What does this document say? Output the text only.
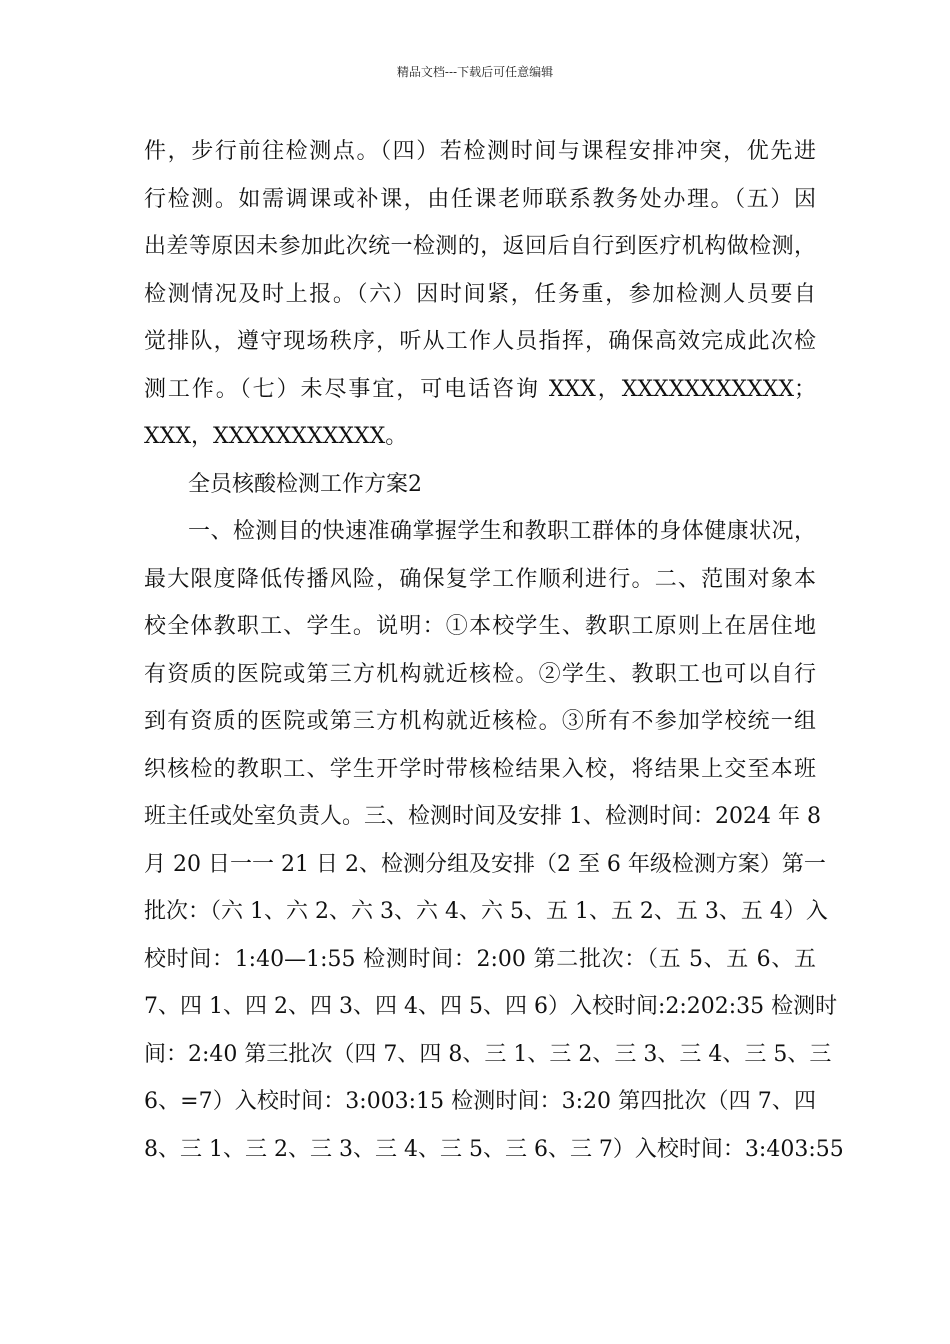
精品文档---下载后可任意编辑
件，步行前往检测点。（四）若检测时间与课程安排冲突，优先进
行检测。如需调课或补课，由任课老师联系教务处办理。（五）因
出差等原因未参加此次统一检测的，返回后自行到医疗机构做检测，
检测情况及时上报。（六）因时间紧，任务重，参加检测人员要自
觉排队，遵守现场秩序，听从工作人员指挥，确保高效完成此次检
测工作。（七）未尽事宜，可电话咨询 XXX，XXXXXXXXXXX；
XXX，XXXXXXXXXXX。
全员核酸检测工作方案2
一、检测目的快速准确掌握学生和教职工群体的身体健康状况，
最大限度降低传播风险，确保复学工作顺利进行。二、范围对象本
校全体教职工、学生。说明：①本校学生、教职工原则上在居住地
有资质的医院或第三方机构就近核检。②学生、教职工也可以自行
到有资质的医院或第三方机构就近核检。③所有不参加学校统一组
织核检的教职工、学生开学时带核检结果入校，将结果上交至本班
班主任或处室负责人。三、检测时间及安排 1、检测时间：2024 年 8
月 20 日一一 21 日 2、检测分组及安排（2 至 6 年级检测方案）第一
批次：（六 1、六 2、六 3、六 4、六 5、五 1、五 2、五 3、五 4）入
校时间：1:40—1:55 检测时间：2:00 第二批次：（五 5、五 6、五
7、四 1、四 2、四 3、四 4、四 5、四 6）入校时间:2:202:35 检测时
间：2:40 第三批次（四 7、四 8、三 1、三 2、三 3、三 4、三 5、三
6、=7）入校时间：3:003:15 检测时间：3:20 第四批次（四 7、四
8、三 1、三 2、三 3、三 4、三 5、三 6、三 7）入校时间：3:403:55
